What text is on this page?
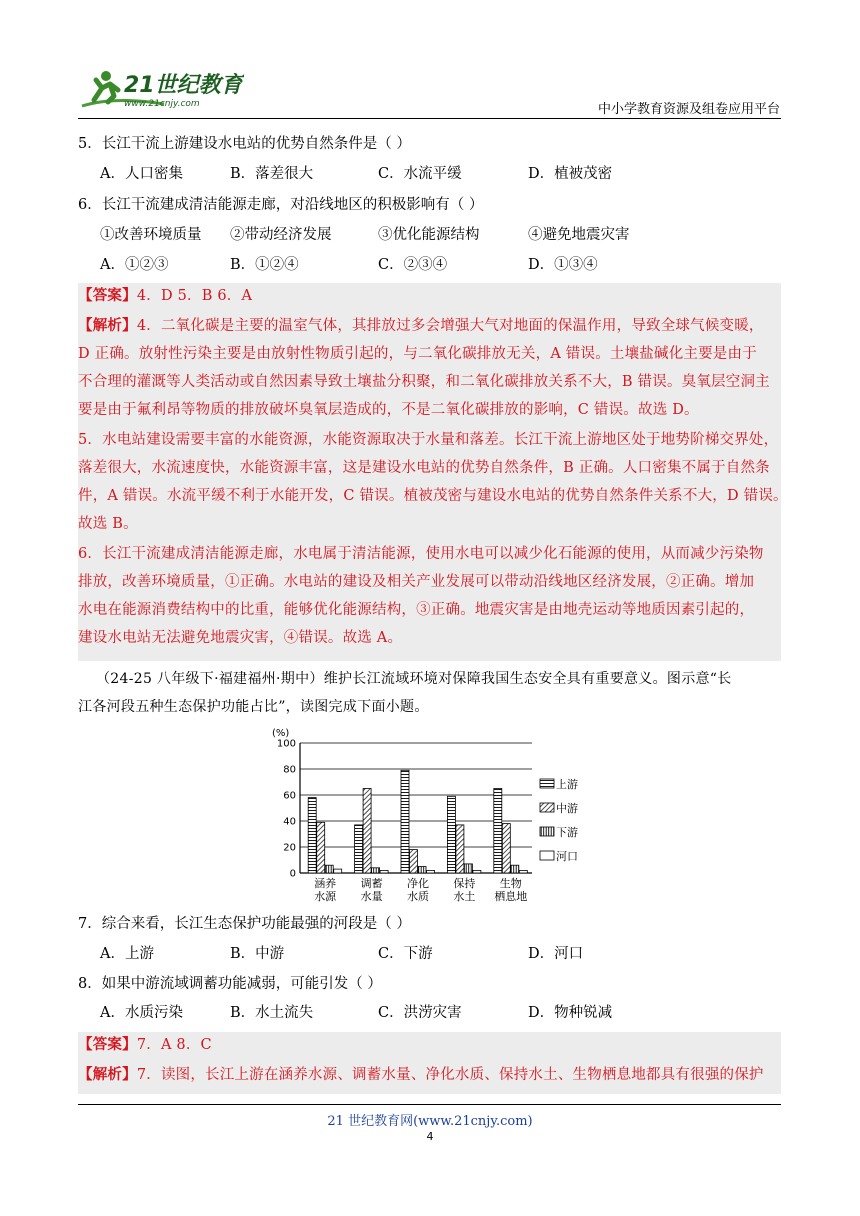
21世纪教育
www.21cnjy.com	中小学教育资源及组卷应用平台
5．长江干流上游建设水电站的优势自然条件是（ ）
A．人口密集	B．落差很大	C．水流平缓	D．植被茂密
6．长江干流建成清洁能源走廊，对沿线地区的积极影响有（ ）
①改善环境质量 ②带动经济发展	③优化能源结构	④避免地震灾害
A．①②③	B．①②④	C．②③④	D．①③④
【答案】4．D 5．B 6．A
【解析】4．二氧化碳是主要的温室气体，其排放过多会增强大气对地面的保温作用，导致全球气候变暖，
D 正确。放射性污染主要是由放射性物质引起的，与二氧化碳排放无关，A 错误。土壤盐碱化主要是由于
不合理的灌溉等人类活动或自然因素导致土壤盐分积聚，和二氧化碳排放关系不大，B 错误。臭氧层空洞主
要是由于氟利昂等物质的排放破坏臭氧层造成的，不是二氧化碳排放的影响，C 错误。故选 D。
5．水电站建设需要丰富的水能资源，水能资源取决于水量和落差。长江干流上游地区处于地势阶梯交界处，
落差很大，水流速度快，水能资源丰富，这是建设水电站的优势自然条件，B 正确。人口密集不属于自然条
件，A 错误。水流平缓不利于水能开发，C 错误。植被茂密与建设水电站的优势自然条件关系不大，D 错误。
故选 B。
6．长江干流建成清洁能源走廊，水电属于清洁能源，使用水电可以减少化石能源的使用，从而减少污染物
排放，改善环境质量，①正确。水电站的建设及相关产业发展可以带动沿线地区经济发展，②正确。增加
水电在能源消费结构中的比重，能够优化能源结构，③正确。地震灾害是由地壳运动等地质因素引起的，
建设水电站无法避免地震灾害，④错误。故选 A。
（24-25 八年级下·福建福州·期中）维护长江流域环境对保障我国生态安全具有重要意义。图示意“长
江各河段五种生态保护功能占比”，读图完成下面小题。
(%)
0
20
40
60
80
100
涵养
水源
调蓄
水量
净化
水质
保持
水土
生物
栖息地
上游
中游
下游
河口
7．综合来看，长江生态保护功能最强的河段是（ ）
A．上游	B．中游	C．下游	D．河口
8．如果中游流域调蓄功能减弱，可能引发（ ）
A．水质污染	B．水土流失	C．洪涝灾害	D．物种锐减
【答案】7．A 8．C
【解析】7．读图，长江上游在涵养水源、调蓄水量、净化水质、保持水土、生物栖息地都具有很强的保护
21 世纪教育网(www.21cnjy.com)
4
